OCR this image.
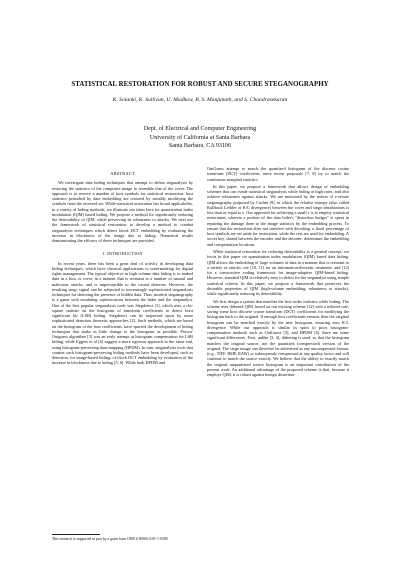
STATISTICAL RESTORATION FOR ROBUST AND SECURE STEGANOGRAPHY
K. Solanki, K. Sullivan, U. Madhow, B. S. Manjunath, and S. Chandrasekaran
Dept. of Electrical and Computer Engineering
University of California at Santa Barbara
Santa Barbara, CA 93106
ABSTRACT

We investigate data hiding techniques that attempt to defeat steganalysis by restoring the statistics of the composite image to resemble that of the cover. The approach is to reserve a number of host symbols for statistical restoration: host statistics perturbed by data embedding are restored by suitably modifying the symbols from the reserved set. While statistical restoration has broad applicability, to a variety of hiding methods, we illustrate our ideas here for quantization index modulation (QIM) based hiding. We propose a method for significantly reducing the detectability of QIM, while preserving its robustness to attacks. We next use the framework of statistical restoration to develop a method to combat steganalysis techniques which detect block DCT embedding by evaluating the increase in blockiness of the image due to hiding. Numerical results demonstrating the efficacy of these techniques are provided.

1. INTRODUCTION

In recent years, there has been a great deal of activity in developing data hiding techniques, which have classical applications to watermarking for digital rights management. The typical objective in high volume data hiding is to embed data in a host or cover, in a manner that is resistant to a number of natural and malicious attacks, and is imperceptible to the casual observer. However, the resulting stego signal can be subjected to increasingly sophisticated steganalysis techniques for detecting the presence of hidden data. Thus, modern steganography is a game with escalating sophistication between the hider and the steganalyst. One of the first popular steganalysis tools was Stegdetect [1], which uses a chi-square statistic on the histogram of transform coefficients to detect least significant bit (LSB) hiding. Stegdetect can be improved upon by more sophisticated detection theoretic approaches [2]. Such methods, which are based on the histogram of the host coefficients, have spurred the development of hiding techniques that make as little change to the histogram as possible. Provos' Outguess algorithm [3] was an early attempt at histogram compensation for LSB hiding, while Eggers et al [4] suggest a more rigorous approach to the same end, using histogram-preserving data-mapping (HPDM). In turn, steganalysis tools that counter such histogram-preserving hiding methods have been developed, such as detection, for image-based hiding, of block DCT embedding by evaluation of the increase in blockiness due to hiding [5, 6]. While both HPDM and

OutGuess attempt to match the quantized histogram of the discrete cosine transform (DCT) coefficients, more recent proposals [7, 8] try to match the continuous marginal statistics.

In this paper, we propose a framework that allows design of embedding schemes that can evade statistical steganalysis while hiding at high rates, and also achieve robustness against attacks. We are motivated by the notion of ε-secure steganography proposed by Cachin [9], in which the relative entropy (also called Kullback Leibler or K-L divergence) between the cover and stego distributions is less than or equal to ε. Our approach for achieving a small ε is to employ statistical restoration, wherein a portion of the data hider's "distortion budget" is spent in repairing the damage done to the image statistics by the embedding process. To ensure that the restoration does not interfere with decoding, a fixed percentage of host symbols are set aside for restoration, while the rest are used for embedding. A secret key, shared between the encoder and the decoder, determines the embedding and compensation locations.

While statistical restoration for reducing detectability is a general concept, we focus in this paper on quantization index modulation (QIM) based data hiding. QIM allows the embedding of large volumes of data in a manner that is resistant to a variety of attacks; see [10, 11] for an information-theoretic treatment, and [12] for a constructive coding framework for image-adaptive QIM-based hiding. However, standard QIM is relatively easy to detect for the steganalyst using simple statistical criteria. In this paper, we propose a framework that preserves the desirable properties of QIM (high-volume embedding, robustness to attacks), while significantly reducing its detectability.

We first design a system that matches the first-order statistics while hiding. The scheme uses dithered QIM, based on our existing scheme [12] with a reduced rate, saving some host discrete cosine transform (DCT) coefficients for modifying the histogram back to the original. If enough host coefficients remain, then the original histogram can be matched exactly by the new histogram, ensuring zero K-L divergence. While our approach is similar in spirit to prior histogram-compensation methods such as OutGuess [3], and HPDM [4], there are some significant differences. First, unlike [3, 4], dithering is used, so that the histogram matches the original source, not the quantized (compressed) version of the original. The stego image can therefore be advertised as any uncompressed format, (e.g., TIFF, BMP, RAW) or subsequently compressed at any quality factor and will continue to match the source exactly. We believe that the ability to exactly match the original unquantized source histogram is an important contribution of the present work. An additional advantage of the proposed scheme is that, because it employs QIM, it is robust against benign distortion-

This research is supported in part by a grant from ONR # N00014-01-1-0380.
